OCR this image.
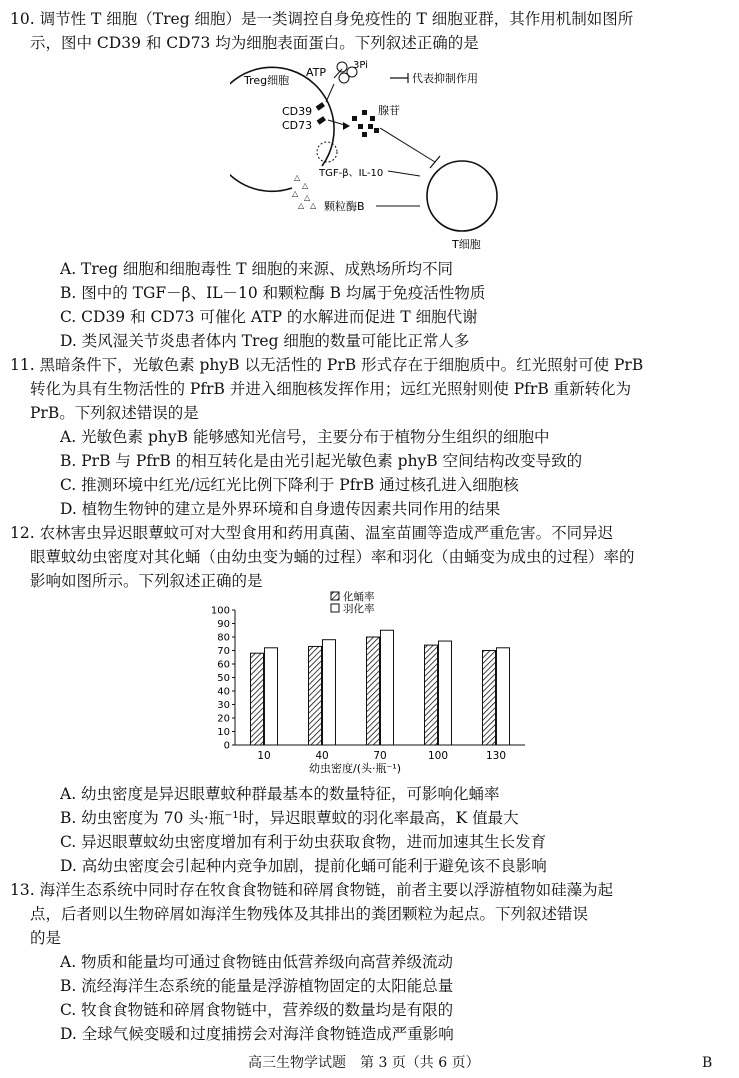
10. 调节性 T 细胞（Treg 细胞）是一类调控自身免疫性的 T 细胞亚群，其作用机制如图所
示，图中 CD39 和 CD73 均为细胞表面蛋白。下列叙述正确的是
Treg细胞
ATP
3Pi
代表抑制作用
CD39
CD73
腺苷
TGF-β、IL-10
△
△
△ △
△ △ 颗粒酶B
T细胞
A. Treg 细胞和细胞毒性 T 细胞的来源、成熟场所均不同
B. 图中的 TGF－β、IL－10 和颗粒酶 B 均属于免疫活性物质
C. CD39 和 CD73 可催化 ATP 的水解进而促进 T 细胞代谢
D. 类风湿关节炎患者体内 Treg 细胞的数量可能比正常人多
11. 黑暗条件下，光敏色素 phyB 以无活性的 PrB 形式存在于细胞质中。红光照射可使 PrB
转化为具有生物活性的 PfrB 并进入细胞核发挥作用；远红光照射则使 PfrB 重新转化为
PrB。下列叙述错误的是
A. 光敏色素 phyB 能够感知光信号，主要分布于植物分生组织的细胞中
B. PrB 与 PfrB 的相互转化是由光引起光敏色素 phyB 空间结构改变导致的
C. 推测环境中红光/远红光比例下降利于 PfrB 通过核孔进入细胞核
D. 植物生物钟的建立是外界环境和自身遗传因素共同作用的结果
12. 农林害虫异迟眼蕈蚊可对大型食用和药用真菌、温室苗圃等造成严重危害。不同异迟
眼蕈蚊幼虫密度对其化蛹（由幼虫变为蛹的过程）率和羽化（由蛹变为成虫的过程）率的
影响如图所示。下列叙述正确的是
化蛹率
羽化率
0
10
20
30
40
50
60
70
80
90
100
10	40	70	100	130
幼虫密度/(头·瓶⁻¹)
A. 幼虫密度是异迟眼蕈蚊种群最基本的数量特征，可影响化蛹率
B. 幼虫密度为 70 头·瓶⁻¹时，异迟眼蕈蚊的羽化率最高，K 值最大
C. 异迟眼蕈蚊幼虫密度增加有利于幼虫获取食物，进而加速其生长发育
D. 高幼虫密度会引起种内竞争加剧，提前化蛹可能利于避免该不良影响
13. 海洋生态系统中同时存在牧食食物链和碎屑食物链，前者主要以浮游植物如硅藻为起
点，后者则以生物碎屑如海洋生物残体及其排出的粪团颗粒为起点。下列叙述错误
的是
A. 物质和能量均可通过食物链由低营养级向高营养级流动
B. 流经海洋生态系统的能量是浮游植物固定的太阳能总量
C. 牧食食物链和碎屑食物链中，营养级的数量均是有限的
D. 全球气候变暖和过度捕捞会对海洋食物链造成严重影响
高三生物学试题　第 3 页（共 6 页）	B
